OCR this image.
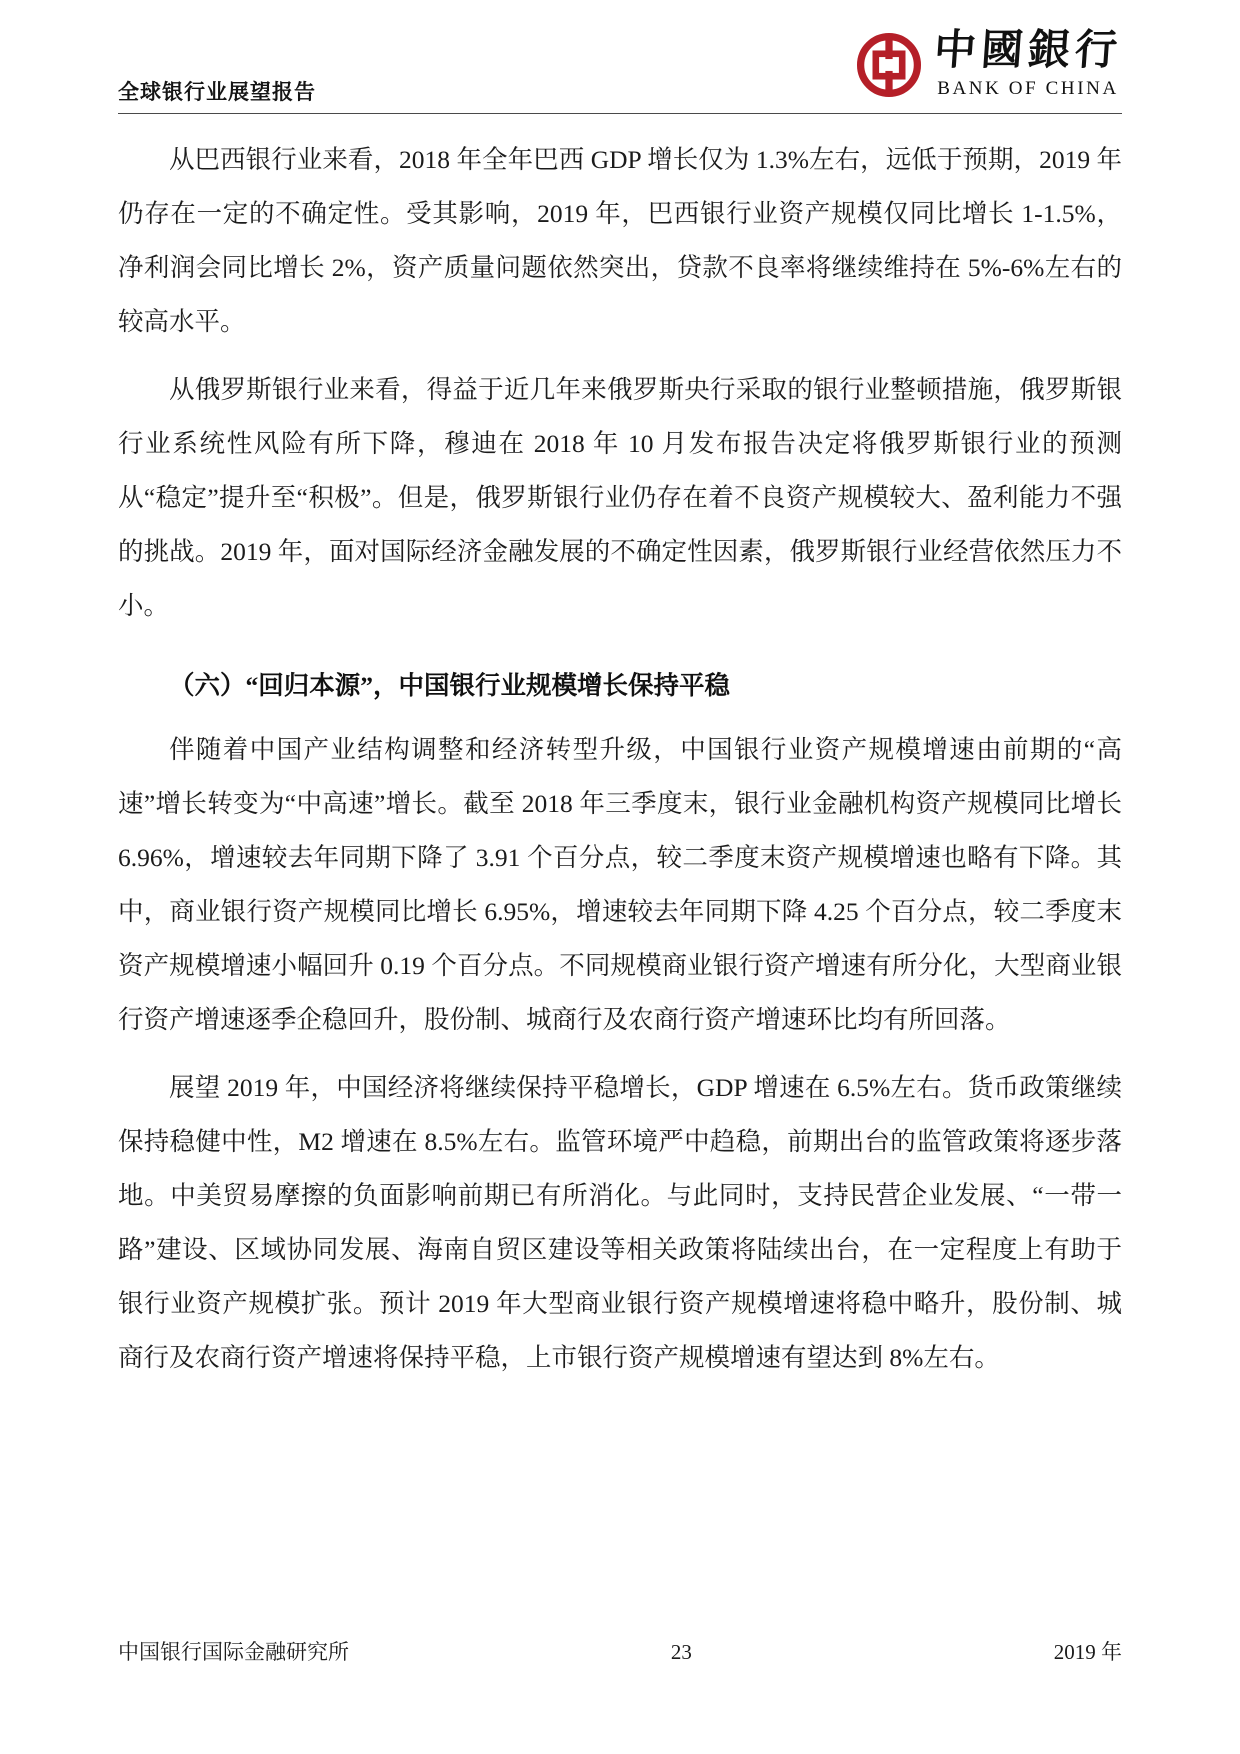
全球银行业展望报告
中國銀行
BANK OF CHINA

从巴西银行业来看，2018 年全年巴西 GDP 增长仅为 1.3%左右，远低于预期，2019 年仍存在一定的不确定性。受其影响，2019 年，巴西银行业资产规模仅同比增长 1-1.5%，净利润会同比增长 2%，资产质量问题依然突出，贷款不良率将继续维持在 5%-6%左右的较高水平。

从俄罗斯银行业来看，得益于近几年来俄罗斯央行采取的银行业整顿措施，俄罗斯银行业系统性风险有所下降，穆迪在 2018 年 10 月发布报告决定将俄罗斯银行业的预测从“稳定”提升至“积极”。但是，俄罗斯银行业仍存在着不良资产规模较大、盈利能力不强的挑战。2019 年，面对国际经济金融发展的不确定性因素，俄罗斯银行业经营依然压力不小。

（六）“回归本源”，中国银行业规模增长保持平稳

伴随着中国产业结构调整和经济转型升级，中国银行业资产规模增速由前期的“高速”增长转变为“中高速”增长。截至 2018 年三季度末，银行业金融机构资产规模同比增长 6.96%，增速较去年同期下降了 3.91 个百分点，较二季度末资产规模增速也略有下降。其中，商业银行资产规模同比增长 6.95%，增速较去年同期下降 4.25 个百分点，较二季度末资产规模增速小幅回升 0.19 个百分点。不同规模商业银行资产增速有所分化，大型商业银行资产增速逐季企稳回升，股份制、城商行及农商行资产增速环比均有所回落。

展望 2019 年，中国经济将继续保持平稳增长，GDP 增速在 6.5%左右。货币政策继续保持稳健中性，M2 增速在 8.5%左右。监管环境严中趋稳，前期出台的监管政策将逐步落地。中美贸易摩擦的负面影响前期已有所消化。与此同时，支持民营企业发展、“一带一路”建设、区域协同发展、海南自贸区建设等相关政策将陆续出台，在一定程度上有助于银行业资产规模扩张。预计 2019 年大型商业银行资产规模增速将稳中略升，股份制、城商行及农商行资产增速将保持平稳，上市银行资产规模增速有望达到 8%左右。

中国银行国际金融研究所	23	2019 年
